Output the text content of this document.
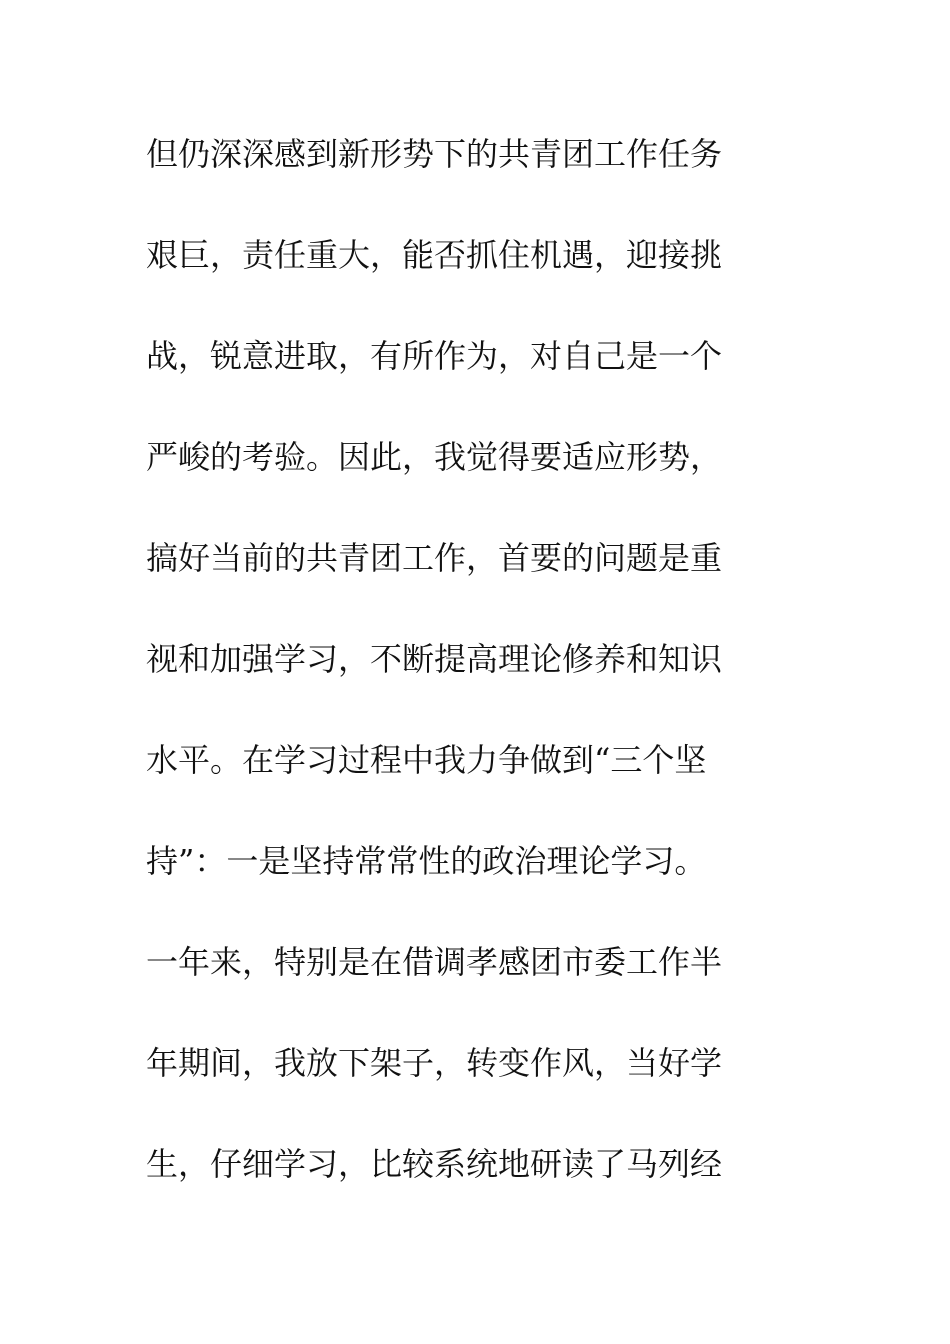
但仍深深感到新形势下的共青团工作任务
艰巨，责任重大，能否抓住机遇，迎接挑
战，锐意进取，有所作为，对自己是一个
严峻的考验。因此，我觉得要适应形势，
搞好当前的共青团工作，首要的问题是重
视和加强学习，不断提高理论修养和知识
水平。在学习过程中我力争做到“三个坚
持”：一是坚持常常性的政治理论学习。
一年来，特别是在借调孝感团市委工作半
年期间，我放下架子，转变作风，当好学
生，仔细学习，比较系统地研读了马列经
